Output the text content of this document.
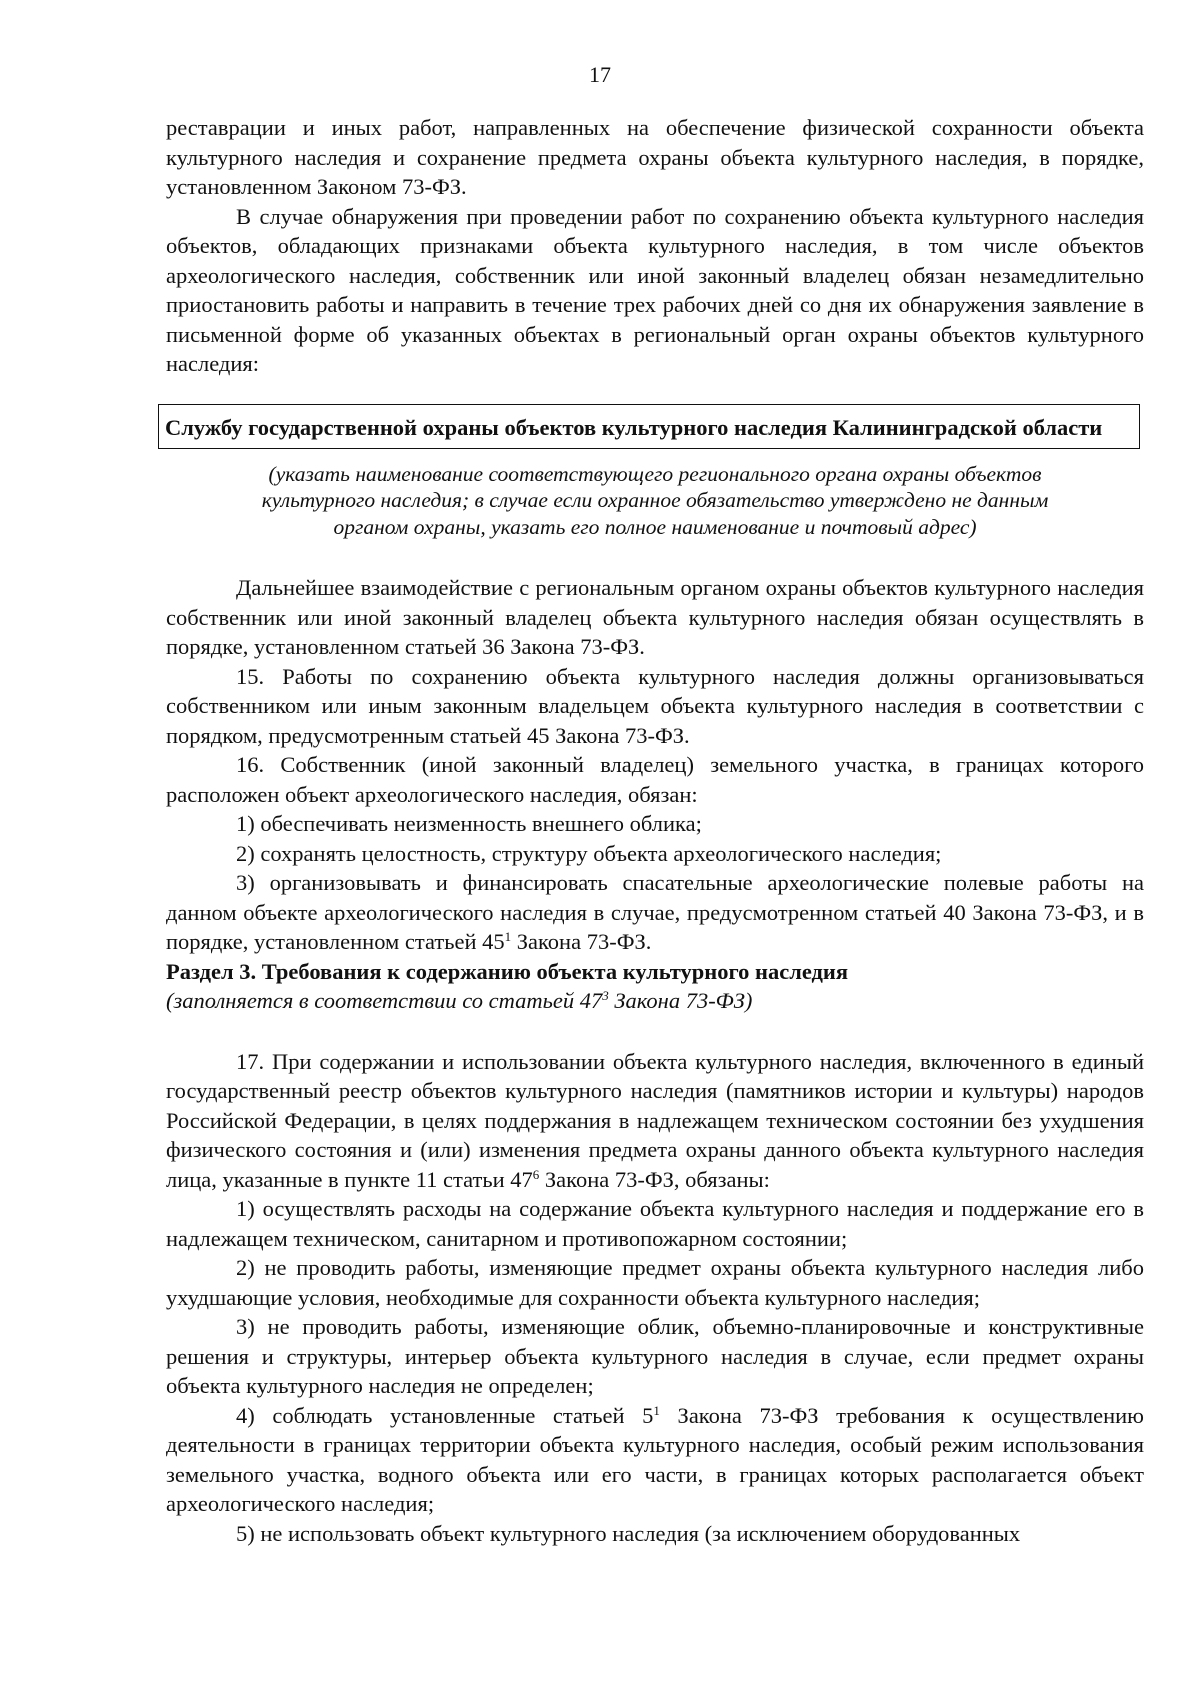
17

реставрации и иных работ, направленных на обеспечение физической сохранности объекта культурного наследия и сохранение предмета охраны объекта культурного наследия, в порядке, установленном Законом 73-ФЗ.

В случае обнаружения при проведении работ по сохранению объекта культурного наследия объектов, обладающих признаками объекта культурного наследия, в том числе объектов археологического наследия, собственник или иной законный владелец обязан незамедлительно приостановить работы и направить в течение трех рабочих дней со дня их обнаружения заявление в письменной форме об указанных объектах в региональный орган охраны объектов культурного наследия:

Службу государственной охраны объектов культурного наследия Калининградской области
(указать наименование соответствующего регионального органа охраны объектов
культурного наследия; в случае если охранное обязательство утверждено не данным
органом охраны, указать его полное наименование и почтовый адрес)

Дальнейшее взаимодействие с региональным органом охраны объектов культурного наследия собственник или иной законный владелец объекта культурного наследия обязан осуществлять в порядке, установленном статьей 36 Закона 73-ФЗ.

15. Работы по сохранению объекта культурного наследия должны организовываться собственником или иным законным владельцем объекта культурного наследия в соответствии с порядком, предусмотренным статьей 45 Закона 73-ФЗ.

16. Собственник (иной законный владелец) земельного участка, в границах которого расположен объект археологического наследия, обязан:

1) обеспечивать неизменность внешнего облика;

2) сохранять целостность, структуру объекта археологического наследия;

3) организовывать и финансировать спасательные археологические полевые работы на данном объекте археологического наследия в случае, предусмотренном статьей 40 Закона 73-ФЗ, и в порядке, установленном статьей $45^1$ Закона 73-ФЗ.

Раздел 3. Требования к содержанию объекта культурного наследия

(заполняется в соответствии со статьей $47^3$ Закона 73-ФЗ)

17. При содержании и использовании объекта культурного наследия, включенного в единый государственный реестр объектов культурного наследия (памятников истории и культуры) народов Российской Федерации, в целях поддержания в надлежащем техническом состоянии без ухудшения физического состояния и (или) изменения предмета охраны данного объекта культурного наследия лица, указанные в пункте 11 статьи $47^6$ Закона 73-ФЗ, обязаны:

1) осуществлять расходы на содержание объекта культурного наследия и поддержание его в надлежащем техническом, санитарном и противопожарном состоянии;

2) не проводить работы, изменяющие предмет охраны объекта культурного наследия либо ухудшающие условия, необходимые для сохранности объекта культурного наследия;

3) не проводить работы, изменяющие облик, объемно-планировочные и конструктивные решения и структуры, интерьер объекта культурного наследия в случае, если предмет охраны объекта культурного наследия не определен;

4) соблюдать установленные статьей $5^1$ Закона 73-ФЗ требования к осуществлению деятельности в границах территории объекта культурного наследия, особый режим использования земельного участка, водного объекта или его части, в границах которых располагается объект археологического наследия;

5) не использовать объект культурного наследия (за исключением оборудованных
